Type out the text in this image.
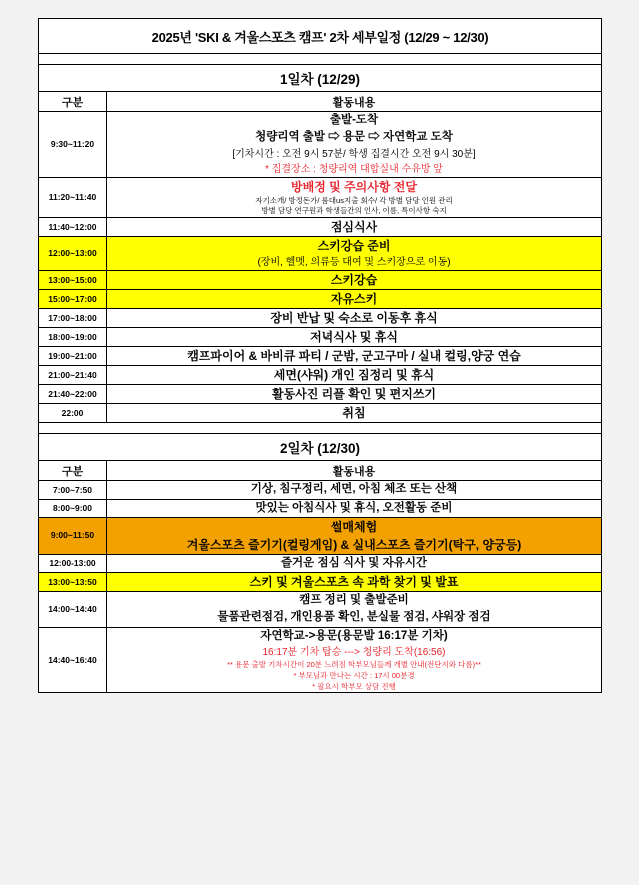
2025년 'SKI & 겨울스포츠 캠프' 2차 세부일정 (12/29 ~ 12/30)	

1일차 (12/29)	
구분	활동내용
9:30~11:20	출발-도착
청량리역 출발 ⇨ 용문 ⇨ 자연학교 도착
[기차시간 : 오전 9시 57분/ 학생 집결시간 오전 9시 30분]
* 집결장소 : 청량리역 대합실내 수유방 앞

11:20~11:40	방배정 및 주의사항 전달
자기소개/ 방정돈가/ 룸대us지출 회수/ 각 방별 담당 인원 관리
방별 담당 연구원과 학생들간의 인사, 이름, 특이사항 숙지

11:40~12:00	점심식사

12:00~13:00	스키강습 준비
(장비, 헬멧, 의류등 대여 및 스키장으로 이동)

13:00~15:00	스키강습

15:00~17:00	자유스키

17:00~18:00	장비 반납 및 숙소로 이동후 휴식

18:00~19:00	저녁식사 및 휴식

19:00~21:00	캠프파이어 & 바비큐 파티 / 군밤, 군고구마 / 실내 컬링,양궁 연습

21:00~21:40	세면(샤워) 개인 짐정리 및 휴식

21:40~22:00	활동사진 리플 확인 및 편지쓰기

22:00	취침

2일차 (12/30)	
구분	활동내용
7:00~7:50	기상, 침구정리, 세면, 아침 체조 또는 산책

8:00~9:00	맛있는 아침식사 및 휴식, 오전활동 준비

9:00~11:50	썰매체험
겨울스포츠 즐기기(컬링게임) & 실내스포츠 즐기기(탁구, 양궁등)

12:00-13:00	즐거운 점심 식사 및 자유시간

13:00~13:50	스키 및 겨울스포츠 속 과학 찾기 및 발표

14:00~14:40	캠프 정리 및 출발준비
물품관련점검, 개인용품 확인, 분실물 점검, 샤워장 점검

14:40~16:40	자연학교->용문(용문발 16:17분 기차)
16:17분 기차 탑승 ---> 청량리 도착(16:56)
** 용문 출발 기차시간이 20분 느려짐 학부모님들께 개별 안내(전단지와 다름)**
* 부모님과 만나는 시간 : 17시 00분경
* 필요시 학부모 상담 진행
